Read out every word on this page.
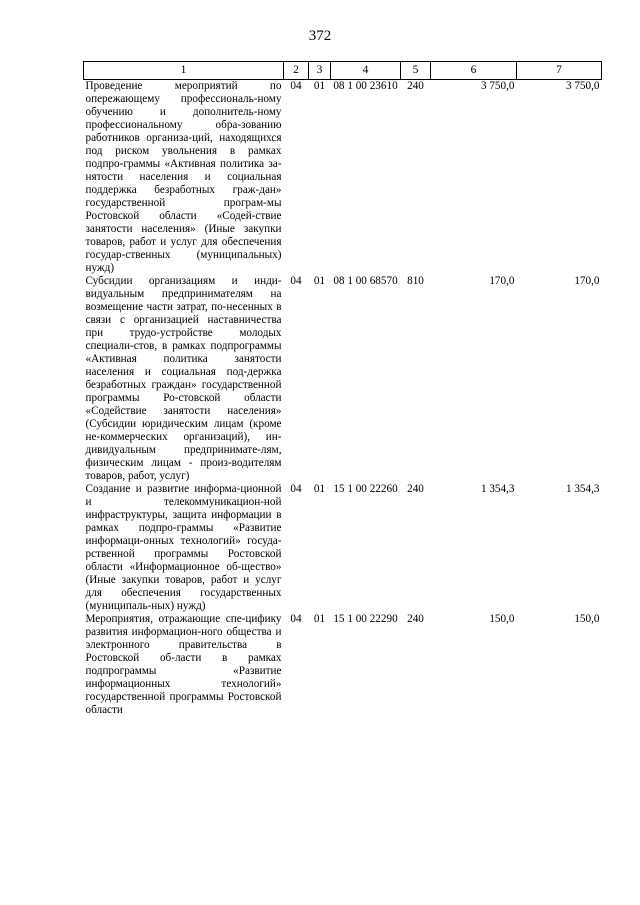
372
1	2	3	4	5	6	7
Проведение мероприятий по опережающему профессиональ-ному обучению и дополнитель-ному профессиональному обра-зованию работников организа-ций, находящихся под риском увольнения в рамках подпро-граммы «Активная политика за-нятости населения и социальная поддержка безработных граж-дан» государственной програм-мы Ростовской области «Содей-ствие занятости населения» (Иные закупки товаров, работ и услуг для обеспечения государ-ственных (муниципальных) нужд)	04	01	08 1 00 23610	240	3 750,0	3 750,0
Субсидии организациям и инди-видуальным предпринимателям на возмещение части затрат, по-несенных в связи с организацией наставничества при трудо-устройстве молодых специали-стов, в рамках подпрограммы «Активная политика занятости населения и социальная под-держка безработных граждан» государственной программы Ро-стовской области «Содействие занятости населения» (Субсидии юридическим лицам (кроме не-коммерческих организаций), ин-дивидуальным предпринимате-лям, физическим лицам - произ-водителям товаров, работ, услуг)	04	01	08 1 00 68570	810	170,0	170,0
Создание и развитие информа-ционной и телекоммуникацион-ной инфраструктуры, защита информации в рамках подпро-граммы «Развитие информаци-онных технологий» госуда-рственной программы Ростовской области «Информационное об-щество» (Иные закупки товаров, работ и услуг для обеспечения государственных (муниципаль-ных) нужд)	04	01	15 1 00 22260	240	1 354,3	1 354,3
Мероприятия, отражающие спе-цифику развития информацион-ного общества и электронного правительства в Ростовской об-ласти в рамках подпрограммы «Развитие информационных технологий» государственной программы Ростовской области	04	01	15 1 00 22290	240	150,0	150,0
